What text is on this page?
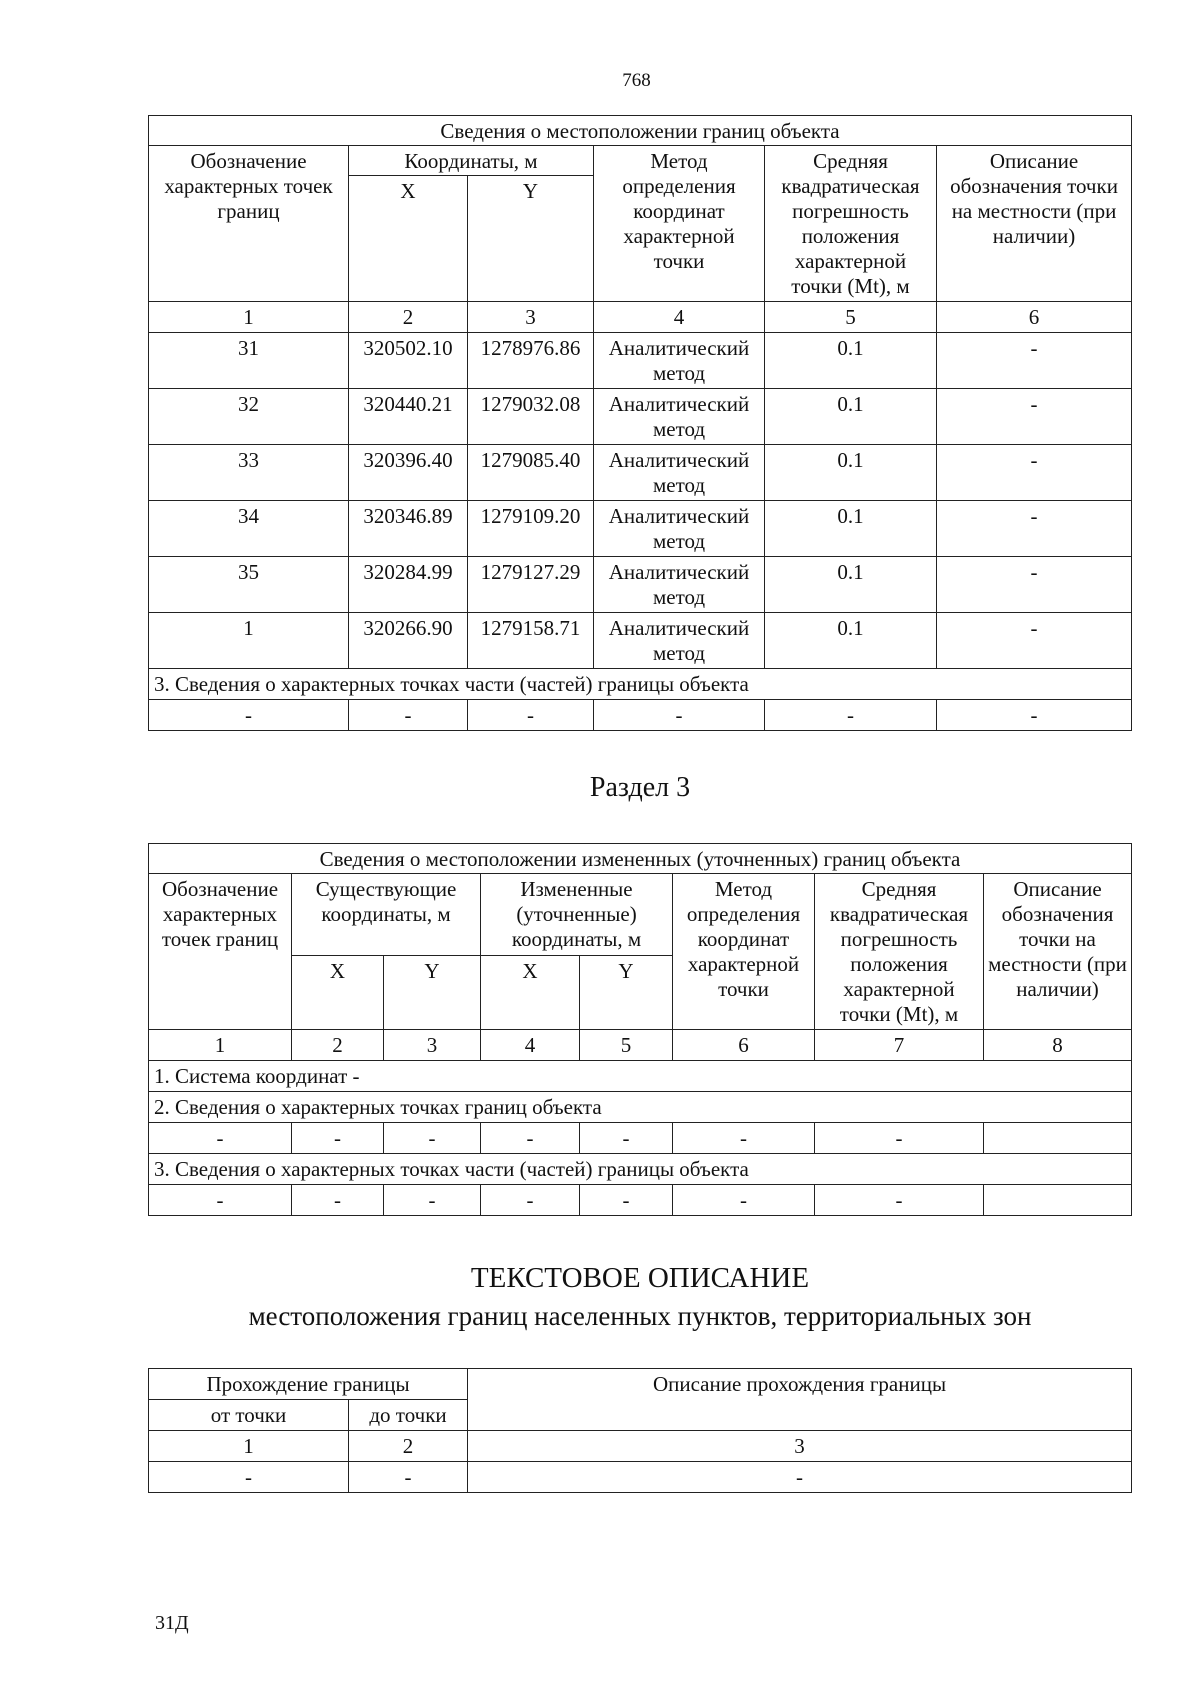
768
Сведения о местоположении границ объекта					
Обозначение характерных точек границ	Координаты, м		Метод определения координат характерной точки	Средняя квадратическая погрешность положения характерной точки (Mt), м	Описание обозначения точки на местности (при наличии)
	X	Y			
1	2	3	4	5	6
31	320502.10	1278976.86	Аналитический метод	0.1	-
32	320440.21	1279032.08	Аналитический метод	0.1	-
33	320396.40	1279085.40	Аналитический метод	0.1	-
34	320346.89	1279109.20	Аналитический метод	0.1	-
35	320284.99	1279127.29	Аналитический метод	0.1	-
1	320266.90	1279158.71	Аналитический метод	0.1	-
3. Сведения о характерных точках части (частей) границы объекта					
-	-	-	-	-	-
Раздел 3
Сведения о местоположении измененных (уточненных) границ объекта							
Обозначение характерных точек границ	Существующие координаты, м		Измененные (уточненные) координаты, м		Метод определения координат характерной точки	Средняя квадратическая погрешность положения характерной точки (Mt), м	Описание обозначения точки на местности (при наличии)
	X	Y	X	Y			
1	2	3	4	5	6	7	8
1. Система координат -							
2. Сведения о характерных точках границ объекта							
-	-	-	-	-	-	-	
3. Сведения о характерных точках части (частей) границы объекта							
-	-	-	-	-	-	-	
ТЕКСТОВОЕ ОПИСАНИЕ
местоположения границ населенных пунктов, территориальных зон
Прохождение границы		Описание прохождения границы
от точки	до точки	
1	2	3
-	-	-
31Д
